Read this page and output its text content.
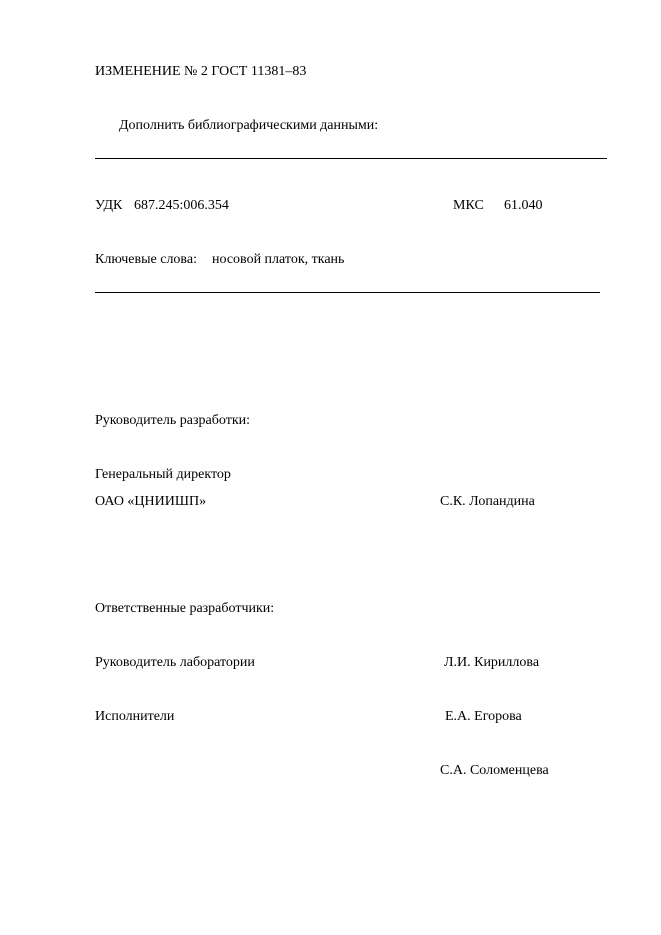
ИЗМЕНЕНИЕ № 2 ГОСТ 11381–83
Дополнить библиографическими данными:
УДК 687.245:006.354	МКС 61.040
Ключевые слова: носовой платок, ткань
Руководитель разработки:
Генеральный директор
ОАО «ЦНИИШП»	С.К. Лопандина
Ответственные разработчики:
Руководитель лаборатории	Л.И. Кириллова
Исполнители	Е.А. Егорова
С.А. Соломенцева
